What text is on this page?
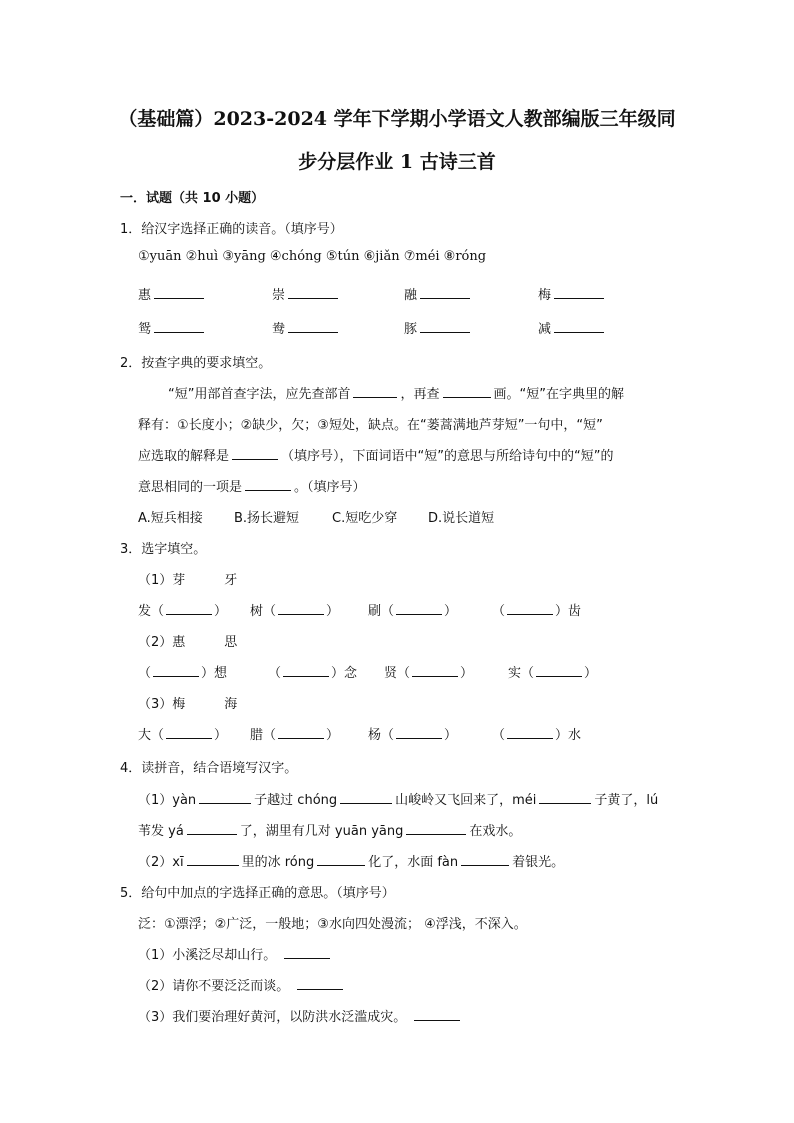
（基础篇）2023-2024 学年下学期小学语文人教部编版三年级同
步分层作业 1 古诗三首
一．试题（共 10 小题）
1．给汉字选择正确的读音。（填序号）
①yuān ②huì ③yāng ④chóng ⑤tún ⑥jiǎn ⑦méi ⑧róng
惠	崇	融	梅
鸳	鸯	豚	减
2．按查字典的要求填空。
“短”用部首查字法，应先查部首	，再查	画。“短”在字典里的解
释有：①长度小；②缺少，欠；③短处，缺点。在“蒌蒿满地芦芽短”一句中，“短”
应选取的解释是	（填序号），下面词语中“短”的意思与所给诗句中的“短”的
意思相同的一项是	。（填序号）
A.短兵相接 B.扬长避短	C.短吃少穿 D.说长道短
3．选字填空。
（1）芽　　　牙
发（	） 树（	） 刷（	）	（	）齿
（2）惠　　　思
（	）想	（	）念 贤（	）	实（	）
（3）梅　　　海
大（	） 腊（	） 杨（	）	（	）水
4．读拼音，结合语境写汉字。
（1）yàn	子越过 chóng	山峻岭又飞回来了，méi	子黄了，lú
苇发 yá	了，湖里有几对 yuān yāng	在戏水。
（2）xī	里的冰 róng	化了，水面 fàn	着银光。
5．给句中加点的字选择正确的意思。（填序号）
泛：①漂浮；②广泛，一般地；③水向四处漫流； ④浮浅，不深入。
（1）小溪泛尽却山行。
（2）请你不要泛泛而谈。
（3）我们要治理好黄河，以防洪水泛滥成灾。
